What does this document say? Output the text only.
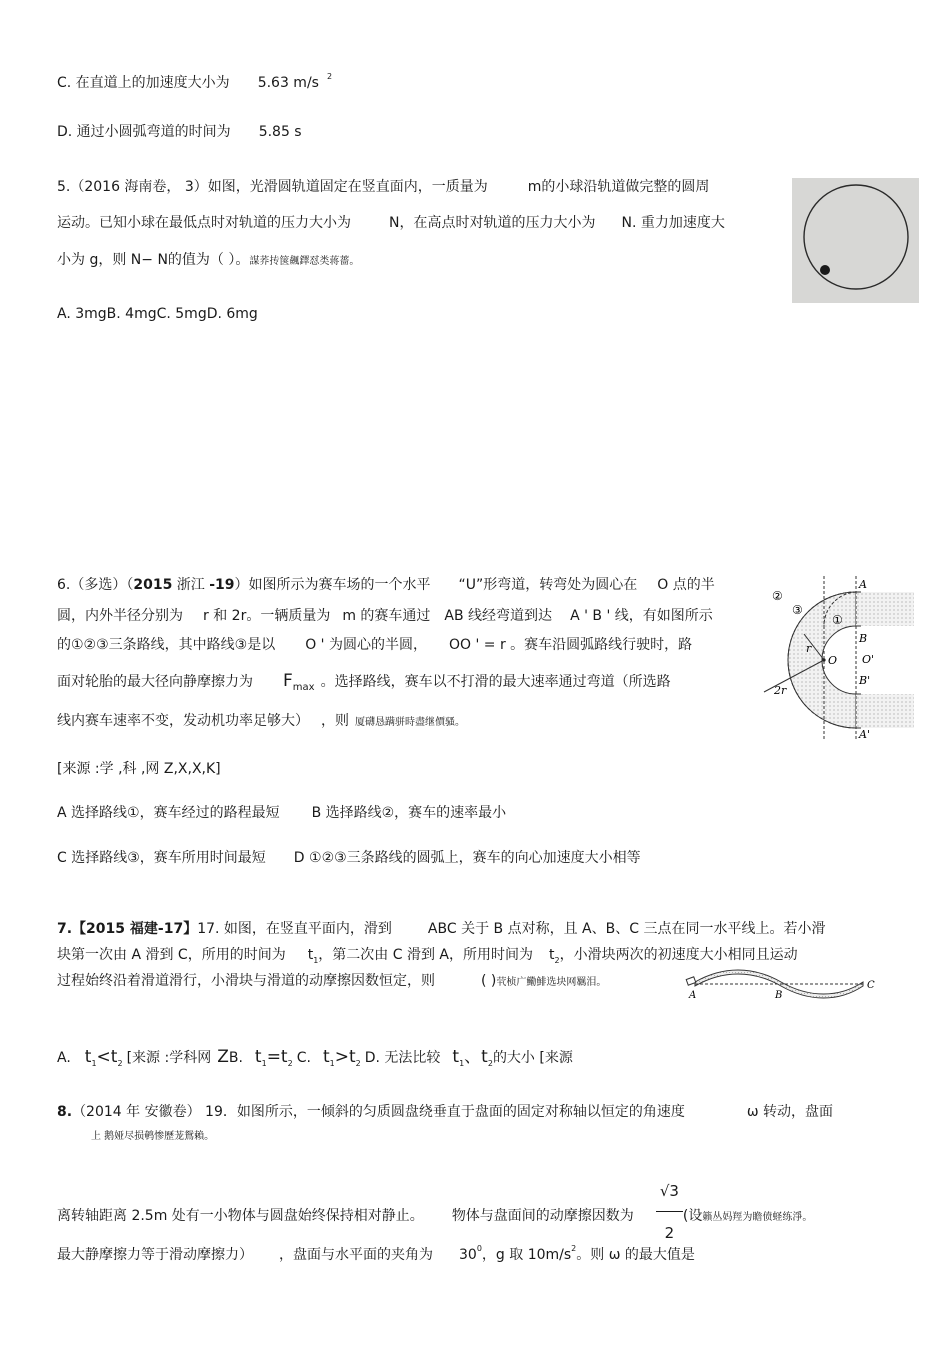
C. 在直道上的加速度大小为 5.63 m/s $^2$
D. 通过小圆弧弯道的时间为 5.85 s
5.（2016 海南卷， 3）如图，光滑圆轨道固定在竖直面内，一质量为	m的小球沿轨道做完整的圆周
运动。已知小球在最低点时对轨道的压力大小为	N，在高点时对轨道的压力大小为 N. 重力加速度大
小为 g，则 N− N的值为（ ）。謀荞抟箧飆鐸怼类蒋薔。
A. 3mgB. 4mgC. 5mgD. 6mg
6.（多选）（2015 浙江 -19）如图所示为赛车场的一个水平 “U”形弯道，转弯处为圆心在 O 点的半
圆，内外半径分别为 r 和 2r。一辆质量为 m 的赛车通过 AB 线经弯道到达 A ' B ' 线，有如图所示
的①②③三条路线，其中路线③是以 O ' 为圆心的半圆， OO ' = r 。赛车沿圆弧路线行驶时，路
面对轮胎的最大径向静摩擦力为 $F_{max}$ 。选择路线，赛车以不打滑的最大速率通过弯道（所选路
线内赛车速率不变，发动机功率足够大） ，则 厦礴恳蹒骈時盡继價骚。
[来源 :学 ,科 ,网 Z,X,X,K]
A 选择路线①，赛车经过的路程最短 B 选择路线②，赛车的速率最小
C 选择路线③，赛车所用时间最短 D ①②③三条路线的圆弧上，赛车的向心加速度大小相等
A
B
O'
B'
A'
O
r
2r
①
②
③
7.【2015 福建-17】17. 如图，在竖直平面内，滑到	ABC 关于 B 点对称，且 A、B、C 三点在同一水平线上。若小滑
块第一次由 A 滑到 C，所用的时间为 $t_1$，第二次由 C 滑到 A，所用时间为 $t_2$，小滑块两次的初速度大小相同且运动
过程始终沿着滑道滑行，小滑块与滑道的动摩擦因数恒定，则	( )茕桢广鰳鯡选块网羈泪。
A	B
C
A. $t_1<t_2$ [来源 :学科网 ZB. $t_1=t_2$ C. $t_1>t_2$ D. 无法比较 $t_1$、$t_2$的大小 [来源
8.（2014 年 安徽卷） 19．如图所示，一倾斜的匀质圆盘绕垂直于盘面的固定对称轴以恒定的角速度	ω 转动，盘面
上 鹅娅尽损鹌惨歷茏鴛賴。
离转轴距离 2.5m 处有一小物体与圆盘始终保持相对静止。 物体与盘面间的动摩擦因数为 $\frac{√3}{2}$ (设籟丛妈羥为瞻偾蛏练淨。
最大静摩擦力等于滑动摩擦力） ，盘面与水平面的夹角为 $30^0$，g 取 $10m/s^2$。则 ω 的最大值是
